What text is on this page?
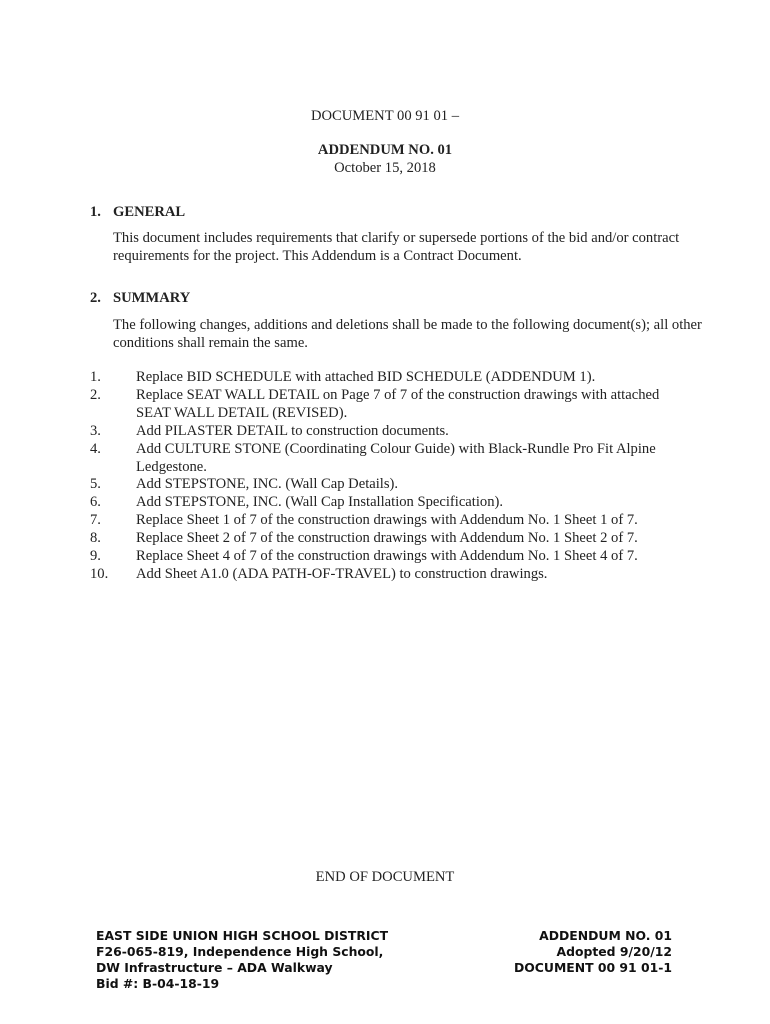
DOCUMENT 00 91 01 –
ADDENDUM NO. 01
October 15, 2018
1. GENERAL
This document includes requirements that clarify or supersede portions of the bid and/or contract requirements for the project. This Addendum is a Contract Document.
2. SUMMARY
The following changes, additions and deletions shall be made to the following document(s); all other conditions shall remain the same.
1.	Replace BID SCHEDULE with attached BID SCHEDULE (ADDENDUM 1).
2.	Replace SEAT WALL DETAIL on Page 7 of 7 of the construction drawings with attached SEAT WALL DETAIL (REVISED).
3.	Add PILASTER DETAIL to construction documents.
4.	Add CULTURE STONE (Coordinating Colour Guide) with Black-Rundle Pro Fit Alpine Ledgestone.
5.	Add STEPSTONE, INC. (Wall Cap Details).
6.	Add STEPSTONE, INC. (Wall Cap Installation Specification).
7.	Replace Sheet 1 of 7 of the construction drawings with Addendum No. 1 Sheet 1 of 7.
8.	Replace Sheet 2 of 7 of the construction drawings with Addendum No. 1 Sheet 2 of 7.
9.	Replace Sheet 4 of 7 of the construction drawings with Addendum No. 1 Sheet 4 of 7.
10.	Add Sheet A1.0 (ADA PATH-OF-TRAVEL) to construction drawings.
END OF DOCUMENT
EAST SIDE UNION HIGH SCHOOL DISTRICT
F26-065-819, Independence High School,
DW Infrastructure – ADA Walkway
Bid #: B-04-18-19
ADDENDUM NO. 01
Adopted 9/20/12
DOCUMENT 00 91 01-1
